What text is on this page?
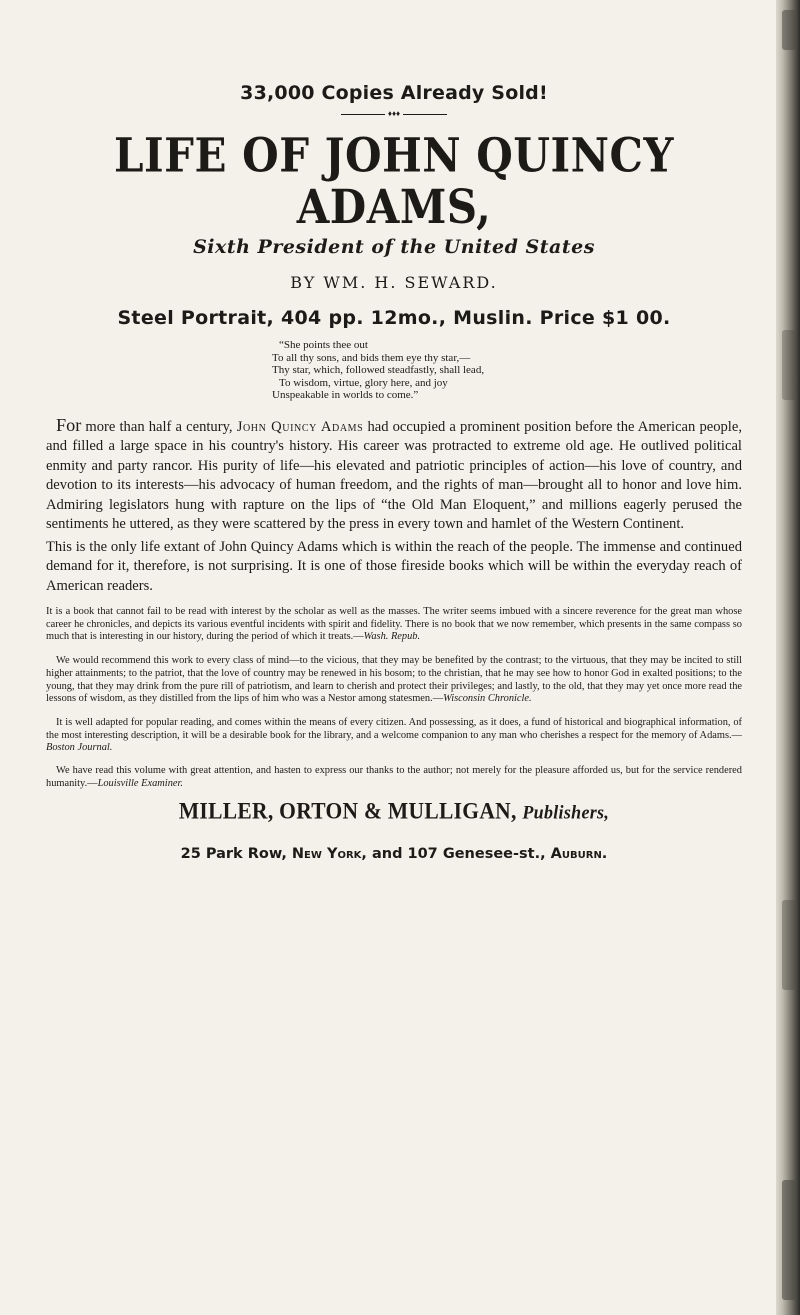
33,000 Copies Already Sold!

♦♦♦

LIFE OF JOHN QUINCY ADAMS,

Sixth President of the United States

BY WM. H. SEWARD.

Steel Portrait, 404 pp. 12mo., Muslin. Price $1 00.

“She points thee out
To all thy sons, and bids them eye thy star,—
Thy star, which, followed steadfastly, shall lead,
To wisdom, virtue, glory here, and joy
Unspeakable in worlds to come.”

For more than half a century, John Quincy Adams had occupied a prominent position before the American people, and filled a large space in his country's history. His career was protracted to extreme old age. He outlived political enmity and party rancor. His purity of life—his elevated and patriotic principles of action—his love of country, and devotion to its interests—his advocacy of human freedom, and the rights of man—brought all to honor and love him. Admiring legislators hung with rapture on the lips of “the Old Man Eloquent,” and millions eagerly perused the sentiments he uttered, as they were scattered by the press in every town and hamlet of the Western Continent.

This is the only life extant of John Quincy Adams which is within the reach of the people. The immense and continued demand for it, therefore, is not surprising. It is one of those fireside books which will be within the everyday reach of American readers.

It is a book that cannot fail to be read with interest by the scholar as well as the masses. The writer seems imbued with a sincere reverence for the great man whose career he chronicles, and depicts its various eventful incidents with spirit and fidelity. There is no book that we now remember, which presents in the same compass so much that is interesting in our history, during the period of which it treats.—Wash. Repub.

We would recommend this work to every class of mind—to the vicious, that they may be benefited by the contrast; to the virtuous, that they may be incited to still higher attainments; to the patriot, that the love of country may be renewed in his bosom; to the christian, that he may see how to honor God in exalted positions; to the young, that they may drink from the pure rill of patriotism, and learn to cherish and protect their privileges; and lastly, to the old, that they may yet once more read the lessons of wisdom, as they distilled from the lips of him who was a Nestor among statesmen.—Wisconsin Chronicle.

It is well adapted for popular reading, and comes within the means of every citizen. And possessing, as it does, a fund of historical and biographical information, of the most interesting description, it will be a desirable book for the library, and a welcome companion to any man who cherishes a respect for the memory of Adams.—Boston Journal.

We have read this volume with great attention, and hasten to express our thanks to the author; not merely for the pleasure afforded us, but for the service rendered humanity.—Louisville Examiner.

MILLER, ORTON & MULLIGAN, Publishers,

25 Park Row, New York, and 107 Genesee-st., Auburn.
